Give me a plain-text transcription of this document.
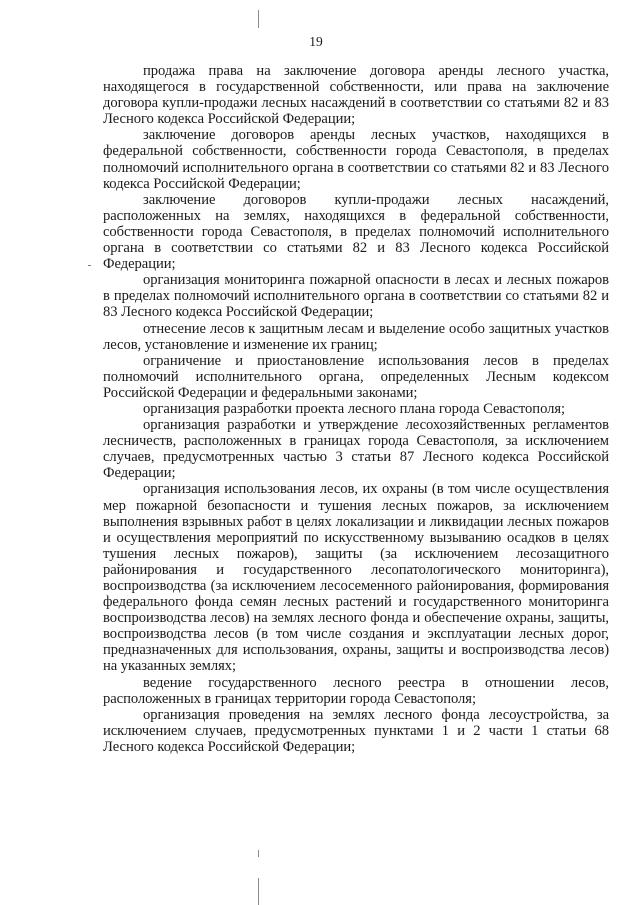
19

продажа права на заключение договора аренды лесного участка, находящегося в государственной собственности, или права на заключение договора купли-продажи лесных насаждений в соответствии со статьями 82 и 83 Лесного кодекса Российской Федерации;

заключение договоров аренды лесных участков, находящихся в федеральной собственности, собственности города Севастополя, в пределах полномочий исполнительного органа в соответствии со статьями 82 и 83 Лесного кодекса Российской Федерации;

заключение договоров купли-продажи лесных насаждений, расположенных на землях, находящихся в федеральной собственности, собственности города Севастополя, в пределах полномочий исполнительного органа в соответствии со статьями 82 и 83 Лесного кодекса Российской Федерации;

организация мониторинга пожарной опасности в лесах и лесных пожаров в пределах полномочий исполнительного органа в соответствии со статьями 82 и 83 Лесного кодекса Российской Федерации;

отнесение лесов к защитным лесам и выделение особо защитных участков лесов, установление и изменение их границ;

ограничение и приостановление использования лесов в пределах полномочий исполнительного органа, определенных Лесным кодексом Российской Федерации и федеральными законами;

организация разработки проекта лесного плана города Севастополя;

организация разработки и утверждение лесохозяйственных регламентов лесничеств, расположенных в границах города Севастополя, за исключением случаев, предусмотренных частью 3 статьи 87 Лесного кодекса Российской Федерации;

организация использования лесов, их охраны (в том числе осуществления мер пожарной безопасности и тушения лесных пожаров, за исключением выполнения взрывных работ в целях локализации и ликвидации лесных пожаров и осуществления мероприятий по искусственному вызыванию осадков в целях тушения лесных пожаров), защиты (за исключением лесозащитного районирования и государственного лесопатологического мониторинга), воспроизводства (за исключением лесосеменного районирования, формирования федерального фонда семян лесных растений и государственного мониторинга воспроизводства лесов) на землях лесного фонда и обеспечение охраны, защиты, воспроизводства лесов (в том числе создания и эксплуатации лесных дорог, предназначенных для использования, охраны, защиты и воспроизводства лесов) на указанных землях;

ведение государственного лесного реестра в отношении лесов, расположенных в границах территории города Севастополя;

организация проведения на землях лесного фонда лесоустройства, за исключением случаев, предусмотренных пунктами 1 и 2 части 1 статьи 68 Лесного кодекса Российской Федерации;
